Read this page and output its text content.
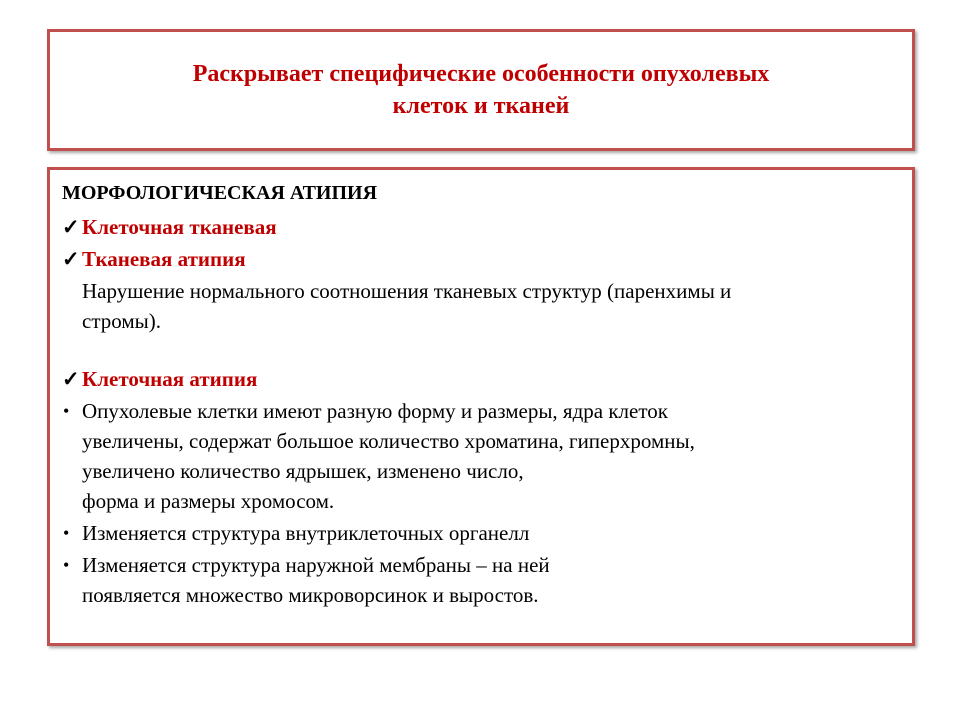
Раскрывает специфические особенности опухолевых
клеток и тканей
МОРФОЛОГИЧЕСКАЯ АТИПИЯ
✓ Клеточная тканевая
✓ Тканевая атипия
Нарушение нормального соотношения тканевых структур (паренхимы и
стромы).
✓ Клеточная атипия
• Опухолевые клетки имеют разную форму и размеры, ядра клеток
увеличены, содержат большое количество хроматина, гиперхромны,
увеличено количество ядрышек, изменено число,
форма и размеры хромосом.
• Изменяется структура внутриклеточных органелл
• Изменяется структура наружной мембраны – на ней
появляется множество микроворсинок и выростов.
